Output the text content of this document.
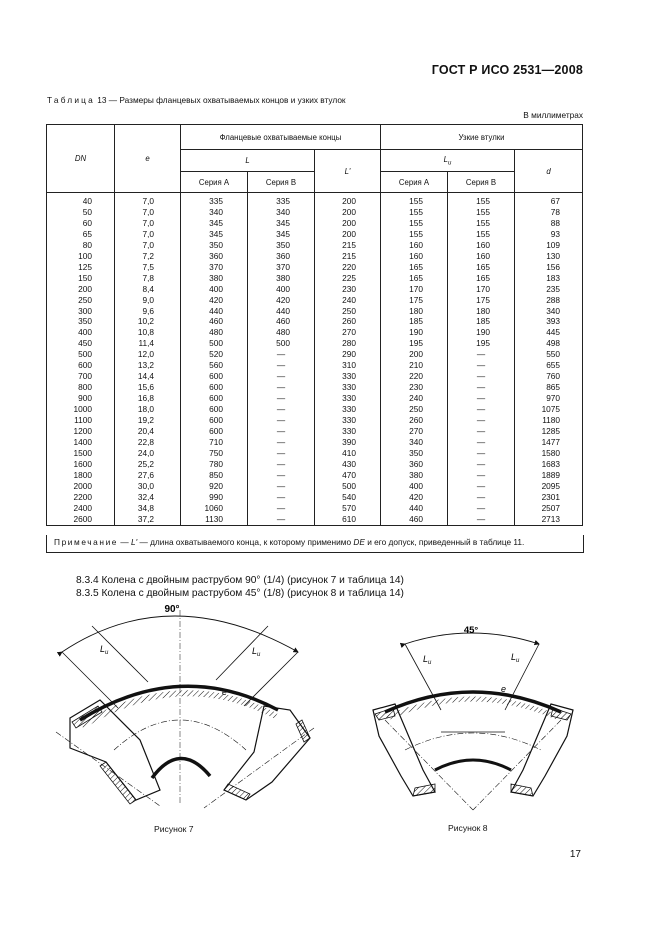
ГОСТ Р ИСО 2531—2008
Таблица 13 — Размеры фланцевых охватываемых концов и узких втулок
В миллиметрах
DN	e	Фланцевые охватываемые концы			Узкие втулки		
		L		L'	$L_u$		d
		Серия А	Серия В		Серия А	Серия В	
40	7,0	335	335	200	155	155	67
50	7,0	340	340	200	155	155	78
60	7,0	345	345	200	155	155	88
65	7,0	345	345	200	155	155	93
80	7,0	350	350	215	160	160	109
100	7,2	360	360	215	160	160	130
125	7,5	370	370	220	165	165	156
150	7,8	380	380	225	165	165	183
200	8,4	400	400	230	170	170	235
250	9,0	420	420	240	175	175	288
300	9,6	440	440	250	180	180	340
350	10,2	460	460	260	185	185	393
400	10,8	480	480	270	190	190	445
450	11,4	500	500	280	195	195	498
500	12,0	520	—	290	200	—	550
600	13,2	560	—	310	210	—	655
700	14,4	600	—	330	220	—	760
800	15,6	600	—	330	230	—	865
900	16,8	600	—	330	240	—	970
1000	18,0	600	—	330	250	—	1075
1100	19,2	600	—	330	260	—	1180
1200	20,4	600	—	330	270	—	1285
1400	22,8	710	—	390	340	—	1477
1500	24,0	750	—	410	350	—	1580
1600	25,2	780	—	430	360	—	1683
1800	27,6	850	—	470	380	—	1889
2000	30,0	920	—	500	400	—	2095
2200	32,4	990	—	540	420	—	2301
2400	34,8	1060	—	570	440	—	2507
2600	37,2	1130	—	610	460	—	2713
Примечание — L' — длина охватываемого конца, к которому применимо DE и его допуск, приведенный в таблице 11.
8.3.4 Колена с двойным раструбом 90° (1/4) (рисунок 7 и таблица 14)
8.3.5 Колена с двойным раструбом 45° (1/8) (рисунок 8 и таблица 14)
90°
$L_u$	$L_u$
e
45°
$L_u$
$L_u$
e
Рисунок 7	Рисунок 8
17
